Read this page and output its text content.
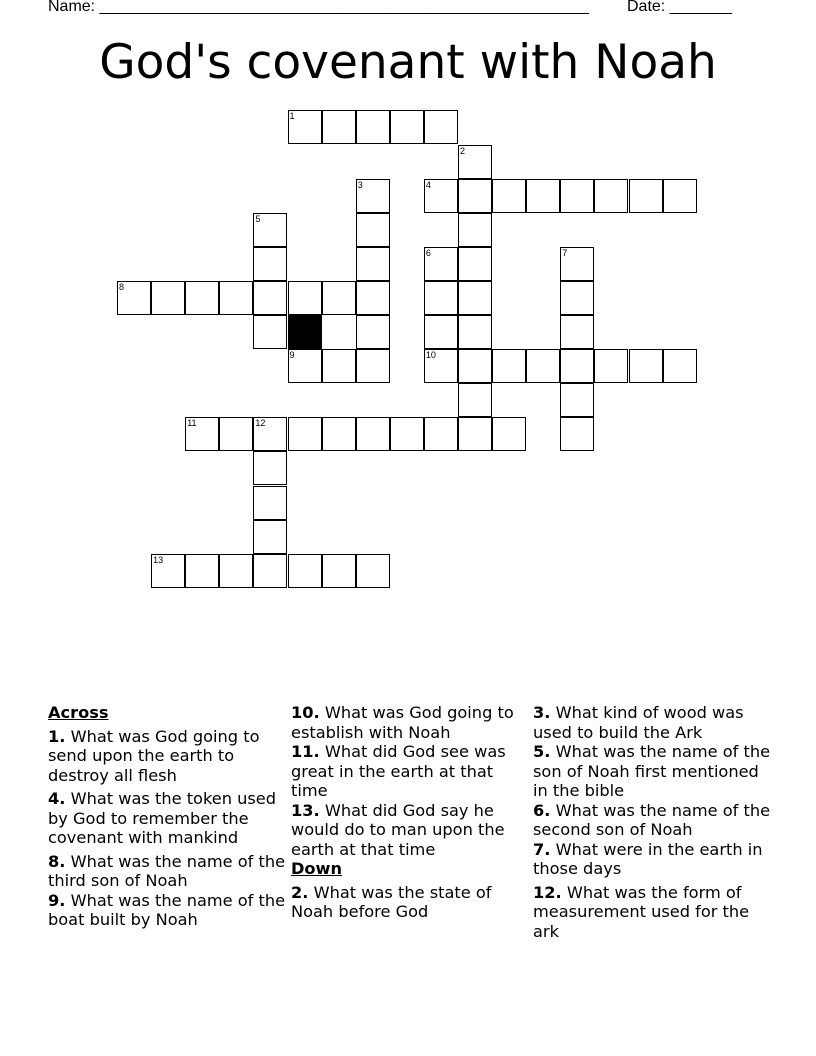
Name: _______________________________________________________ Date: _______
God's covenant with Noah
1
2
3	4
5
6	7
8
9	10
11	12
13
Across
1. What was God going to send upon the earth to destroy all flesh
4. What was the token used by God to remember the covenant with mankind
8. What was the name of the third son of Noah
9. What was the name of the boat built by Noah
10. What was God going to establish with Noah
11. What did God see was great in the earth at that time
13. What did God say he would do to man upon the earth at that time
Down
2. What was the state of Noah before God
3. What kind of wood was used to build the Ark
5. What was the name of the son of Noah first mentioned in the bible
6. What was the name of the second son of Noah
7. What were in the earth in those days
12. What was the form of measurement used for the ark
